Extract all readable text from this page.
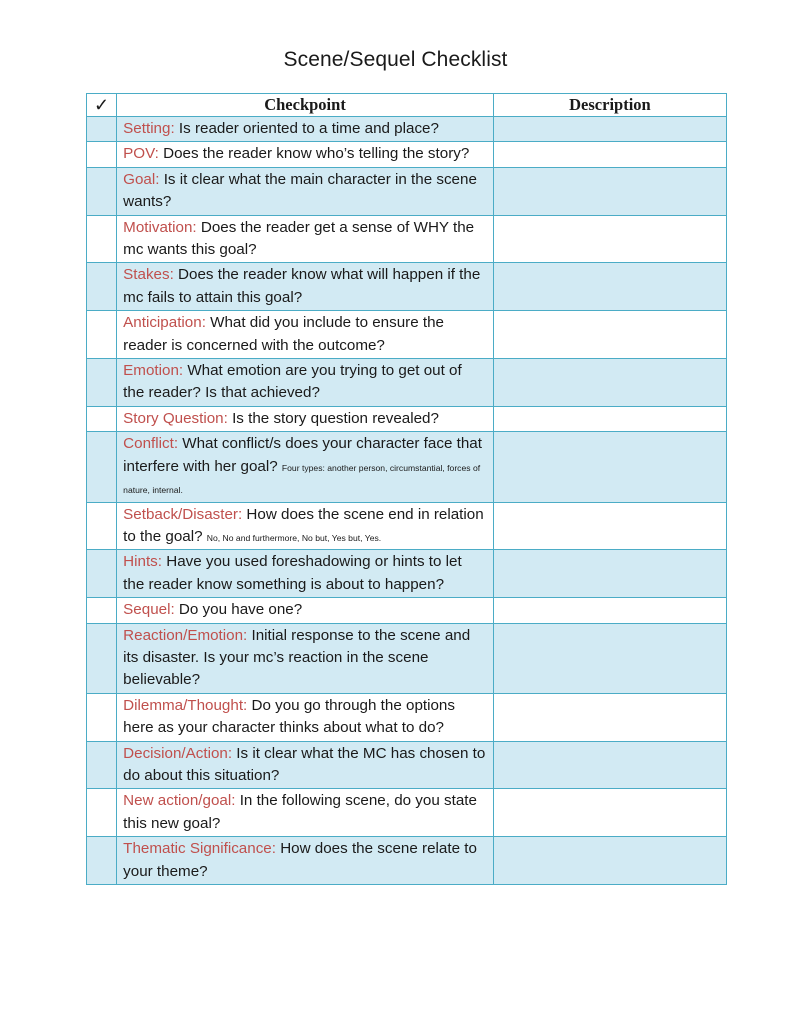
Scene/Sequel Checklist
✓	Checkpoint	Description
	Setting: Is reader oriented to a time and place?	
	POV: Does the reader know who’s telling the story?	
	Goal: Is it clear what the main character in the scene wants?	
	Motivation: Does the reader get a sense of WHY the mc wants this goal?	
	Stakes: Does the reader know what will happen if the mc fails to attain this goal?	
	Anticipation: What did you include to ensure the reader is concerned with the outcome?	
	Emotion: What emotion are you trying to get out of the reader? Is that achieved?	
	Story Question: Is the story question revealed?	
	Conflict: What conflict/s does your character face that interfere with her goal? Four types: another person, circumstantial, forces of nature, internal.	
	Setback/Disaster: How does the scene end in relation to the goal? No, No and furthermore, No but, Yes but, Yes.	
	Hints: Have you used foreshadowing or hints to let the reader know something is about to happen?	
	Sequel: Do you have one?	
	Reaction/Emotion: Initial response to the scene and its disaster. Is your mc’s reaction in the scene believable?	
	Dilemma/Thought: Do you go through the options here as your character thinks about what to do?	
	Decision/Action: Is it clear what the MC has chosen to do about this situation?	
	New action/goal: In the following scene, do you state this new goal?	
	Thematic Significance: How does the scene relate to your theme?	
